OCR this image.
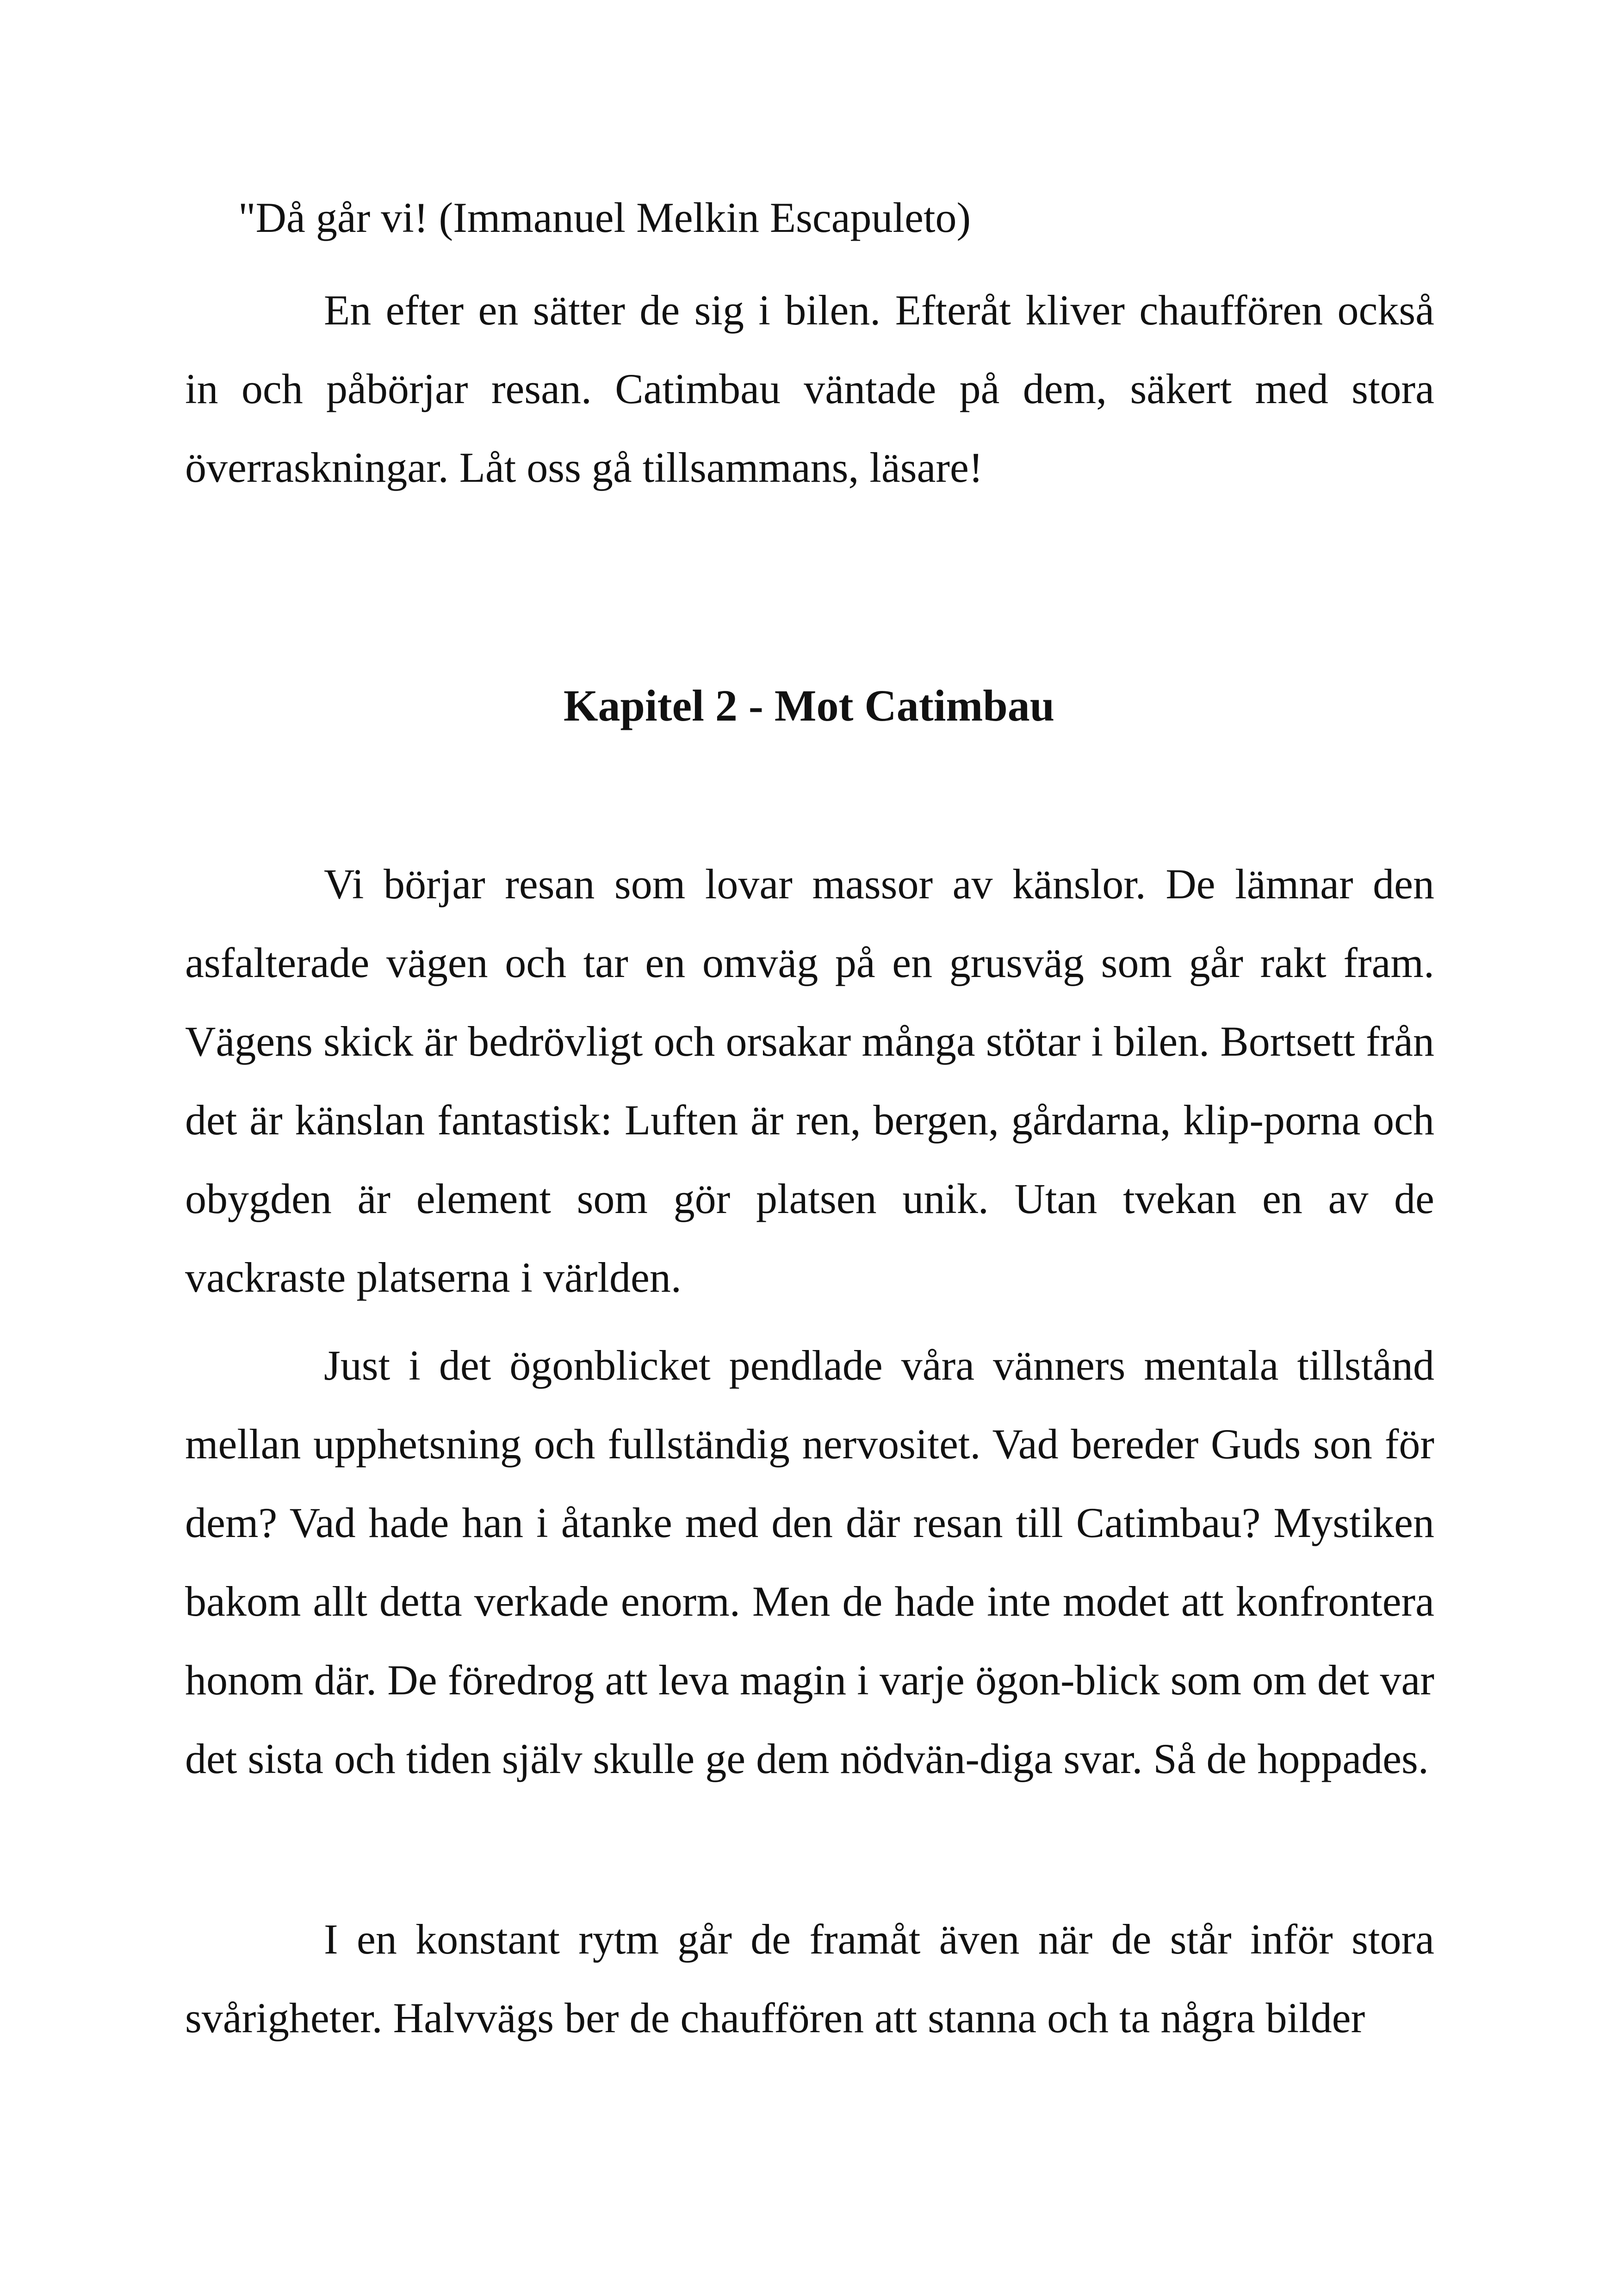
"Då går vi! (Immanuel Melkin Escapuleto)

En efter en sätter de sig i bilen. Efteråt kliver chauffören också in och påbörjar resan. Catimbau väntade på dem, säkert med stora överraskningar. Låt oss gå tillsammans, läsare!

Kapitel 2 - Mot Catimbau

Vi börjar resan som lovar massor av känslor. De lämnar den asfalterade vägen och tar en omväg på en grusväg som går rakt fram. Vägens skick är bedrövligt och orsakar många stötar i bilen. Bortsett från det är känslan fantastisk: Luften är ren, bergen, gårdarna, klip-porna och obygden är element som gör platsen unik. Utan tvekan en av de vackraste platserna i världen.

Just i det ögonblicket pendlade våra vänners mentala tillstånd mellan upphetsning och fullständig nervositet. Vad bereder Guds son för dem? Vad hade han i åtanke med den där resan till Catimbau? Mystiken bakom allt detta verkade enorm. Men de hade inte modet att konfrontera honom där. De föredrog att leva magin i varje ögon-blick som om det var det sista och tiden själv skulle ge dem nödvän-diga svar. Så de hoppades.

I en konstant rytm går de framåt även när de står inför stora svårigheter. Halvvägs ber de chauffören att stanna och ta några bilder
